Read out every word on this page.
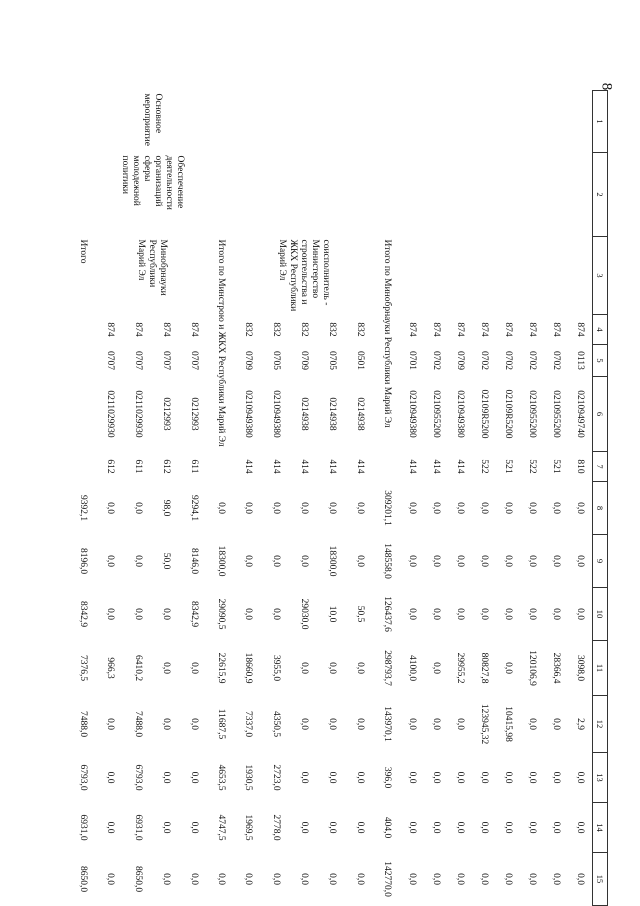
8
1	2	3	4	5	6	7	8	9	10	11	12	13	14	15
			874	0113	0210949740	810	0,0	0,0	0,0	3098,0	2,9	0,0	0,0	0,0
			874	0702	0210955200	521	0,0	0,0	0,0	28366,4	0,0	0,0	0,0	0,0
			874	0702	0210955200	522	0,0	0,0	0,0	120106,9	0,0	0,0	0,0	0,0
			874	0702	02109R5200	521	0,0	0,0	0,0	0,0	10415,98	0,0	0,0	0,0
			874	0702	02109R5200	522	0,0	0,0	0,0	80827,8	123945,32	0,0	0,0	0,0
			874	0709	0210949380	414	0,0	0,0	0,0	29955,2	0,0	0,0	0,0	0,0
			874	0702	0210955200	414	0,0	0,0	0,0	0,0	0,0	0,0	0,0	0,0
			874	0701	0210949380	414	0,0	0,0	0,0	4100,0	0,0	0,0	0,0	0,0
		Итого по Минобрнауки Республики Марий Эл					309201,1	148558,0	126437,6	298793,7	143970,1	396,0	404,0	142770,0
		соисполнитель - Министерство строительства и ЖКХ Республики Марий Эл	832	0501	0214938	414	0,0	0,0	50,5	0,0	0,0	0,0	0,0	0,0
			832	0705	0214938	414	0,0	18300,0	10,0	0,0	0,0	0,0	0,0	0,0
			832	0709	0214938	414	0,0	0,0	29030,0	0,0	0,0	0,0	0,0	0,0
			832	0705	0210949380	414	0,0	0,0	0,0	3955,0	4350,5	2723,0	2778,0	0,0
			832	0709	0210949380	414	0,0	0,0	0,0	18660,9	7337,0	1930,5	1969,5	0,0
		Итого по Минстрою и ЖКХ Республики Марий Эл					0,0	18300,0	29090,5	22615,9	11687,5	4653,5	4747,5	0,0
Основное мероприятие	Обеспечение деятельности организаций сферы молодежной политики	Минобрнауки Республики Марий Эл	874	0707	0212993	611	9294,1	8146,0	8342,9	0,0	0,0	0,0	0,0	0,0
			874	0707	0212993	612	98,0	50,0	0,0	0,0	0,0	0,0	0,0	0,0
			874	0707	0211029930	611	0,0	0,0	0,0	6410,2	7488,0	6793,0	6931,0	8650,0
			874	0707	0211029930	612	0,0	0,0	0,0	966,3	0,0	0,0	0,0	0,0
		Итого					9392,1	8196,0	8342,9	7376,5	7488,0	6793,0	6931,0	8650,0
